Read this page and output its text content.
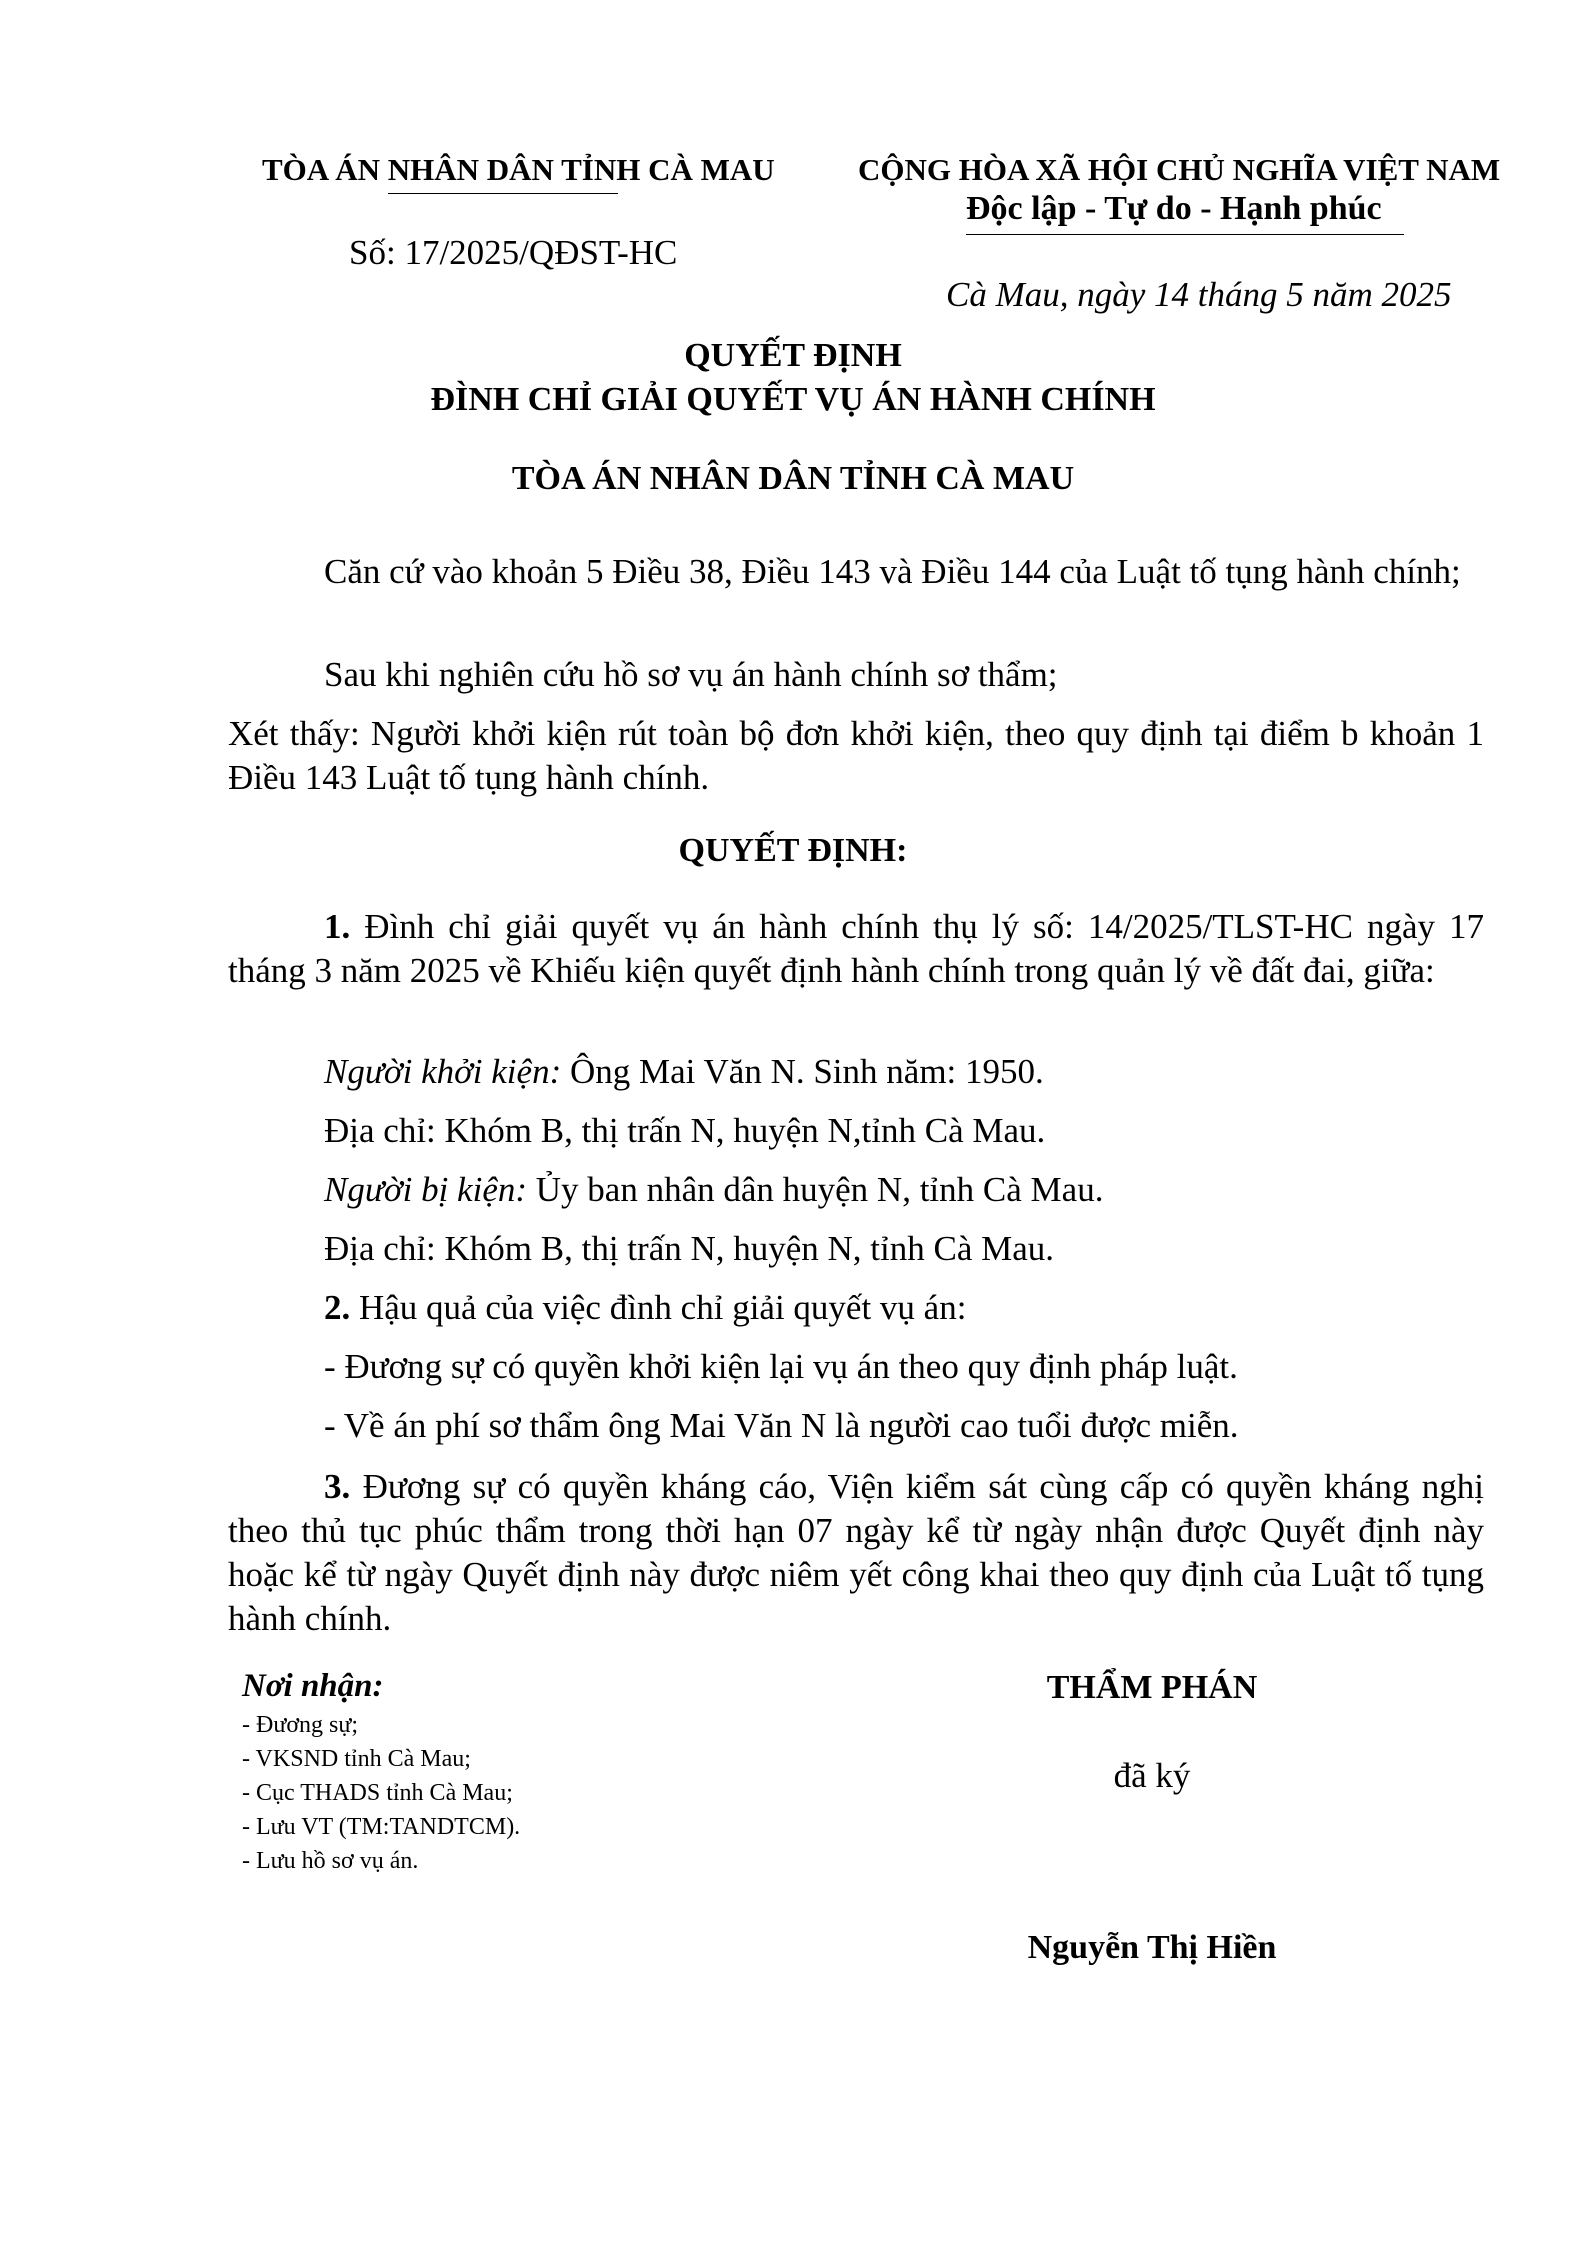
TÒA ÁN NHÂN DÂN TỈNH CÀ MAU
Số: 17/2025/QĐST-HC
CỘNG HÒA XÃ HỘI CHỦ NGHĨA VIỆT NAM
Độc lập - Tự do - Hạnh phúc
Cà Mau, ngày 14 tháng 5 năm 2025
QUYẾT ĐỊNH
ĐÌNH CHỈ GIẢI QUYẾT VỤ ÁN HÀNH CHÍNH
TÒA ÁN NHÂN DÂN TỈNH CÀ MAU
Căn cứ vào khoản 5 Điều 38, Điều 143 và Điều 144 của Luật tố tụng hành chính;
Sau khi nghiên cứu hồ sơ vụ án hành chính sơ thẩm;
Xét thấy: Người khởi kiện rút toàn bộ đơn khởi kiện, theo quy định tại điểm b khoản 1 Điều 143 Luật tố tụng hành chính.
QUYẾT ĐỊNH:
1. Đình chỉ giải quyết vụ án hành chính thụ lý số: 14/2025/TLST-HC ngày 17 tháng 3 năm 2025 về Khiếu kiện quyết định hành chính trong quản lý về đất đai, giữa:
Người khởi kiện: Ông Mai Văn N. Sinh năm: 1950.
Địa chỉ: Khóm B, thị trấn N, huyện N,tỉnh Cà Mau.
Người bị kiện: Ủy ban nhân dân huyện N, tỉnh Cà Mau.
Địa chỉ: Khóm B, thị trấn N, huyện N, tỉnh Cà Mau.
2. Hậu quả của việc đình chỉ giải quyết vụ án:
- Đương sự có quyền khởi kiện lại vụ án theo quy định pháp luật.
- Về án phí sơ thẩm ông Mai Văn N là người cao tuổi được miễn.
3. Đương sự có quyền kháng cáo, Viện kiểm sát cùng cấp có quyền kháng nghị theo thủ tục phúc thẩm trong thời hạn 07 ngày kể từ ngày nhận được Quyết định này hoặc kể từ ngày Quyết định này được niêm yết công khai theo quy định của Luật tố tụng hành chính.
Nơi nhận:
- Đương sự;
- VKSND tỉnh Cà Mau;
- Cục THADS tỉnh Cà Mau;
- Lưu VT (TM:TANDTCM).
- Lưu hồ sơ vụ án.
THẨM PHÁN
đã ký
Nguyễn Thị Hiền
